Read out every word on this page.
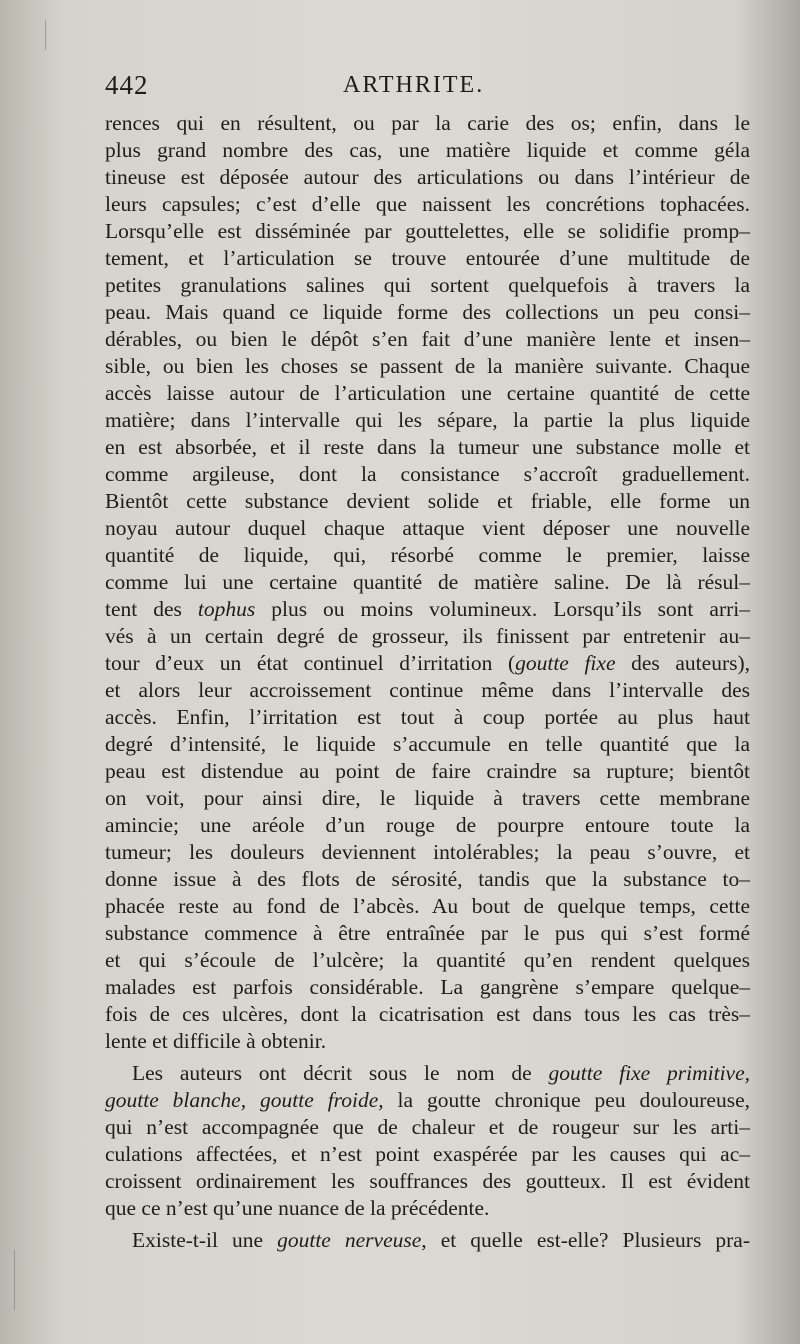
442	ARTHRITE.
rences qui en résultent, ou par la carie des os; enfin, dans le
plus grand nombre des cas, une matière liquide et comme géla
tineuse est déposée autour des articulations ou dans l’intérieur de
leurs capsules; c’est d’elle que naissent les concrétions tophacées.
Lorsqu’elle est disséminée par gouttelettes, elle se solidifie promp–
tement, et l’articulation se trouve entourée d’une multitude de
petites granulations salines qui sortent quelquefois à travers la
peau. Mais quand ce liquide forme des collections un peu consi–
dérables, ou bien le dépôt s’en fait d’une manière lente et insen–
sible, ou bien les choses se passent de la manière suivante. Chaque
accès laisse autour de l’articulation une certaine quantité de cette
matière; dans l’intervalle qui les sépare, la partie la plus liquide
en est absorbée, et il reste dans la tumeur une substance molle et
comme argileuse, dont la consistance s’accroît graduellement.
Bientôt cette substance devient solide et friable, elle forme un
noyau autour duquel chaque attaque vient déposer une nouvelle
quantité de liquide, qui, résorbé comme le premier, laisse
comme lui une certaine quantité de matière saline. De là résul–
tent des tophus plus ou moins volumineux. Lorsqu’ils sont arri–
vés à un certain degré de grosseur, ils finissent par entretenir au–
tour d’eux un état continuel d’irritation (goutte fixe des auteurs),
et alors leur accroissement continue même dans l’intervalle des
accès. Enfin, l’irritation est tout à coup portée au plus haut
degré d’intensité, le liquide s’accumule en telle quantité que la
peau est distendue au point de faire craindre sa rupture; bientôt
on voit, pour ainsi dire, le liquide à travers cette membrane
amincie; une aréole d’un rouge de pourpre entoure toute la
tumeur; les douleurs deviennent intolérables; la peau s’ouvre, et
donne issue à des flots de sérosité, tandis que la substance to–
phacée reste au fond de l’abcès. Au bout de quelque temps, cette
substance commence à être entraînée par le pus qui s’est formé
et qui s’écoule de l’ulcère; la quantité qu’en rendent quelques
malades est parfois considérable. La gangrène s’empare quelque–
fois de ces ulcères, dont la cicatrisation est dans tous les cas très–
lente et difficile à obtenir.
Les auteurs ont décrit sous le nom de goutte fixe primitive,
goutte blanche, goutte froide, la goutte chronique peu douloureuse,
qui n’est accompagnée que de chaleur et de rougeur sur les arti–
culations affectées, et n’est point exaspérée par les causes qui ac–
croissent ordinairement les souffrances des goutteux. Il est évident
que ce n’est qu’une nuance de la précédente.
Existe-t-il une goutte nerveuse, et quelle est-elle? Plusieurs pra-
